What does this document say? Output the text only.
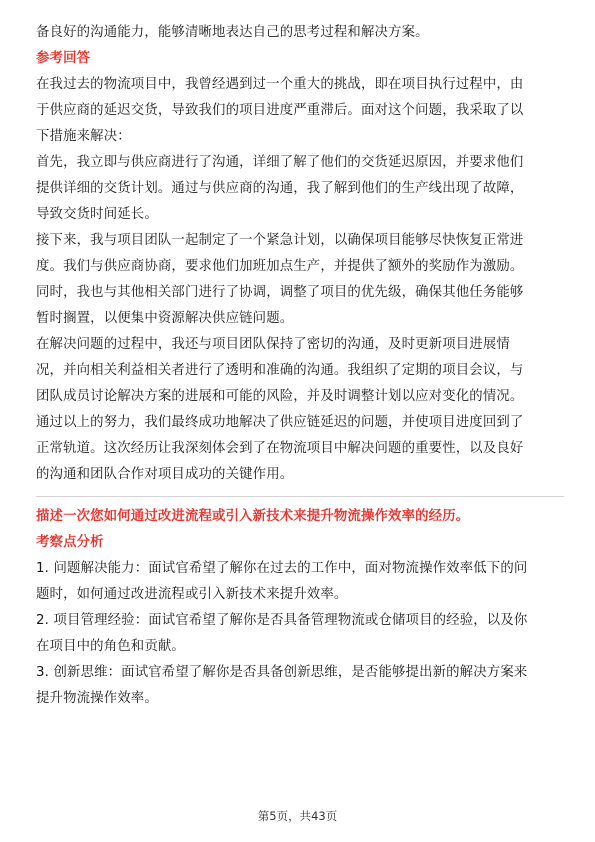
备良好的沟通能力，能够清晰地表达自己的思考过程和解决方案。
参考回答
在我过去的物流项目中，我曾经遇到过一个重大的挑战，即在项目执行过程中，由
于供应商的延迟交货，导致我们的项目进度严重滞后。面对这个问题，我采取了以
下措施来解决：
首先，我立即与供应商进行了沟通，详细了解了他们的交货延迟原因，并要求他们
提供详细的交货计划。通过与供应商的沟通，我了解到他们的生产线出现了故障，
导致交货时间延长。
接下来，我与项目团队一起制定了一个紧急计划，以确保项目能够尽快恢复正常进
度。我们与供应商协商，要求他们加班加点生产，并提供了额外的奖励作为激励。
同时，我也与其他相关部门进行了协调，调整了项目的优先级，确保其他任务能够
暂时搁置，以便集中资源解决供应链问题。
在解决问题的过程中，我还与项目团队保持了密切的沟通，及时更新项目进展情
况，并向相关利益相关者进行了透明和准确的沟通。我组织了定期的项目会议，与
团队成员讨论解决方案的进展和可能的风险，并及时调整计划以应对变化的情况。
通过以上的努力，我们最终成功地解决了供应链延迟的问题，并使项目进度回到了
正常轨道。这次经历让我深刻体会到了在物流项目中解决问题的重要性，以及良好
的沟通和团队合作对项目成功的关键作用。
描述一次您如何通过改进流程或引入新技术来提升物流操作效率的经历。
考察点分析
1. 问题解决能力：面试官希望了解你在过去的工作中，面对物流操作效率低下的问
题时，如何通过改进流程或引入新技术来提升效率。
2. 项目管理经验：面试官希望了解你是否具备管理物流或仓储项目的经验，以及你
在项目中的角色和贡献。
3. 创新思维：面试官希望了解你是否具备创新思维，是否能够提出新的解决方案来
提升物流操作效率。
第5页，共43页
